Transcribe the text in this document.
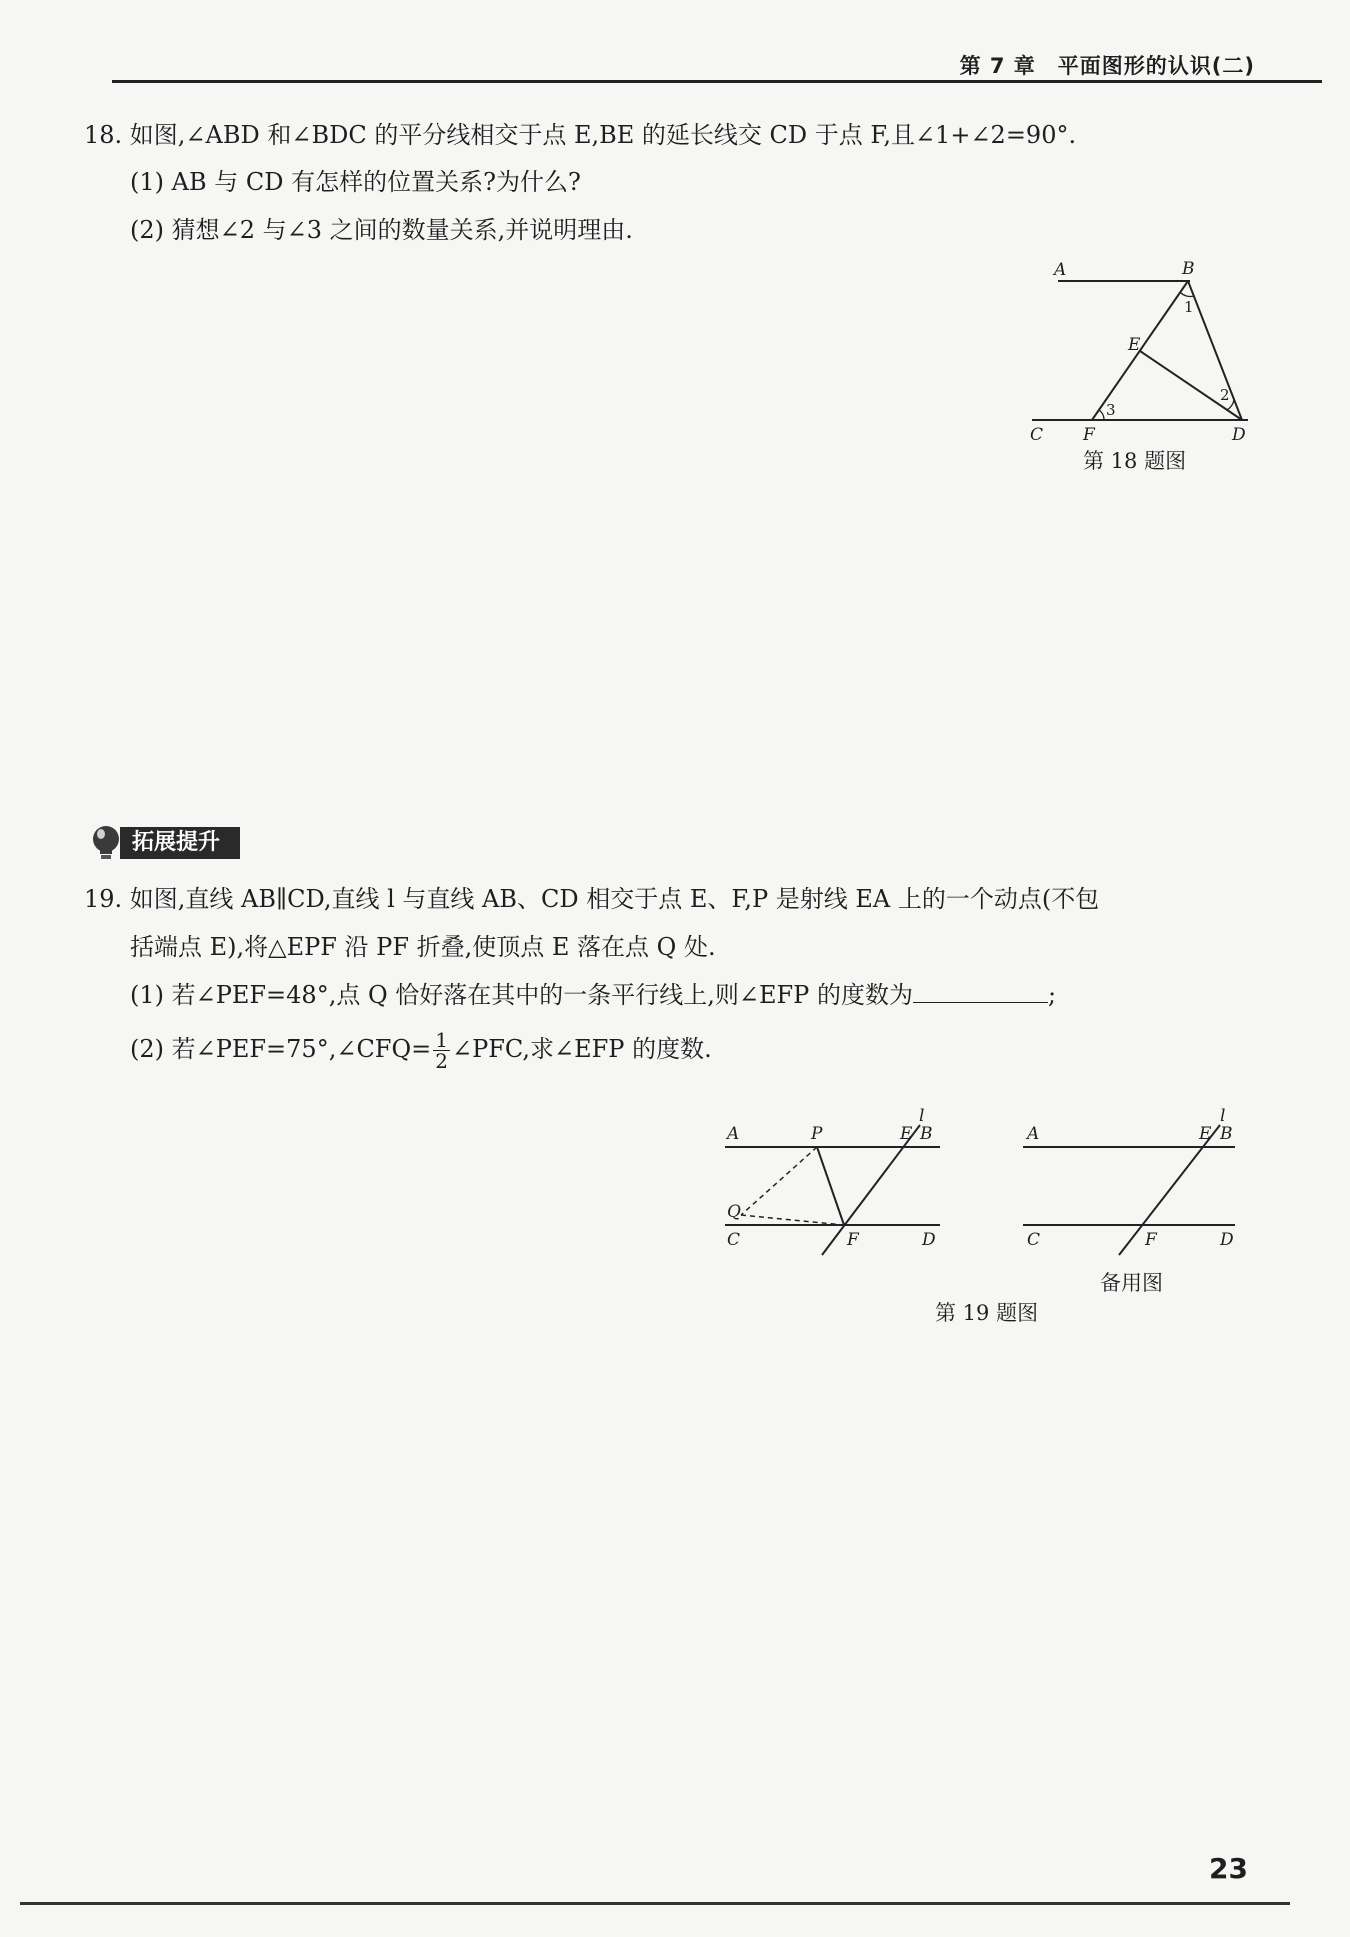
第 7 章　平面图形的认识(二)
18. 如图,∠ABD 和∠BDC 的平分线相交于点 E,BE 的延长线交 CD 于点 F,且∠1+∠2=90°.
(1) AB 与 CD 有怎样的位置关系?为什么?
(2) 猜想∠2 与∠3 之间的数量关系,并说明理由.
A	B
E
C F	D
1
2
3
第 18 题图
拓展提升
19. 如图,直线 AB∥CD,直线 l 与直线 AB、CD 相交于点 E、F,P 是射线 EA 上的一个动点(不包
括端点 E),将△EPF 沿 PF 折叠,使顶点 E 落在点 Q 处.
(1) 若∠PEF=48°,点 Q 恰好落在其中的一条平行线上,则∠EFP 的度数为	;
(2) 若∠PEF=75°,∠CFQ= $\frac{1}{2}$ ∠PFC,求∠EFP 的度数.
A	P	E B
l
Q
C	F	D
A	E B
l
C	F	D
备用图
第 19 题图
23
